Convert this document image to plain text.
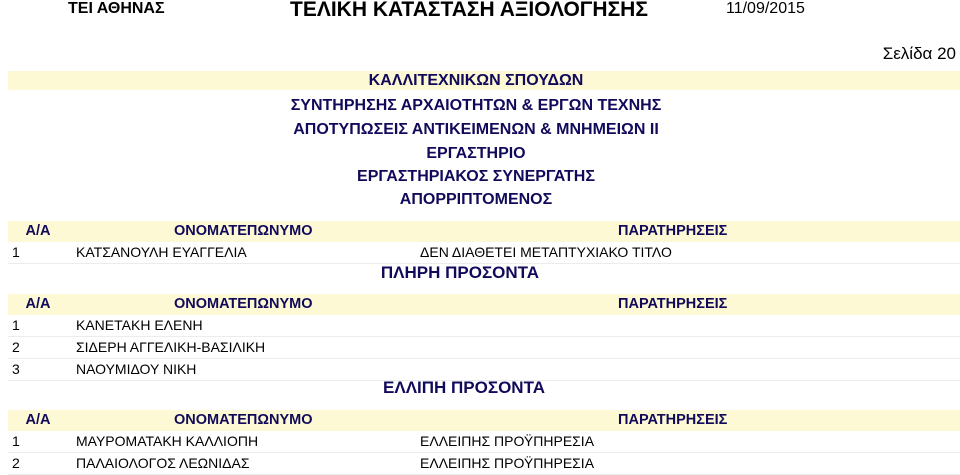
ΤΕΙ ΑΘΗΝΑΣ	ΤΕΛΙΚΗ ΚΑΤΑΣΤΑΣΗ ΑΞΙΟΛΟΓΗΣΗΣ	11/09/2015
Σελίδα 20
ΚΑΛΛΙΤΕΧΝΙΚΩΝ ΣΠΟΥΔΩΝ
ΣΥΝΤΗΡΗΣΗΣ ΑΡΧΑΙΟΤΗΤΩΝ & ΕΡΓΩΝ ΤΕΧΝΗΣ
ΑΠΟΤΥΠΩΣΕΙΣ ΑΝΤΙΚΕΙΜΕΝΩΝ & ΜΝΗΜΕΙΩΝ ΙΙ
ΕΡΓΑΣΤΗΡΙΟ
ΕΡΓΑΣΤΗΡΙΑΚΟΣ ΣΥΝΕΡΓΑΤΗΣ
ΑΠΟΡΡΙΠΤΟΜΕΝΟΣ
Α/Α	ΟΝΟΜΑΤΕΠΩΝΥΜΟ	ΠΑΡΑΤΗΡΗΣΕΙΣ
1	ΚΑΤΣΑΝΟΥΛΗ ΕΥΑΓΓΕΛΙΑ	ΔΕΝ ΔΙΑΘΕΤΕΙ ΜΕΤΑΠΤΥΧΙΑΚΟ ΤΙΤΛΟ
ΠΛΗΡΗ ΠΡΟΣΟΝΤΑ
Α/Α	ΟΝΟΜΑΤΕΠΩΝΥΜΟ	ΠΑΡΑΤΗΡΗΣΕΙΣ
1	ΚΑΝΕΤΑΚΗ ΕΛΕΝΗ
2	ΣΙΔΕΡΗ ΑΓΓΕΛΙΚΗ-ΒΑΣΙΛΙΚΗ
3	ΝΑΟΥΜΙΔΟΥ ΝΙΚΗ
ΕΛΛΙΠΗ ΠΡΟΣΟΝΤΑ
Α/Α	ΟΝΟΜΑΤΕΠΩΝΥΜΟ	ΠΑΡΑΤΗΡΗΣΕΙΣ
1	ΜΑΥΡΟΜΑΤΑΚΗ ΚΑΛΛΙΟΠΗ	ΕΛΛΕΙΠΗΣ ΠΡΟΫΠΗΡΕΣΙΑ
2	ΠΑΛΑΙΟΛΟΓΟΣ ΛΕΩΝΙΔΑΣ	ΕΛΛΕΙΠΗΣ ΠΡΟΫΠΗΡΕΣΙΑ
